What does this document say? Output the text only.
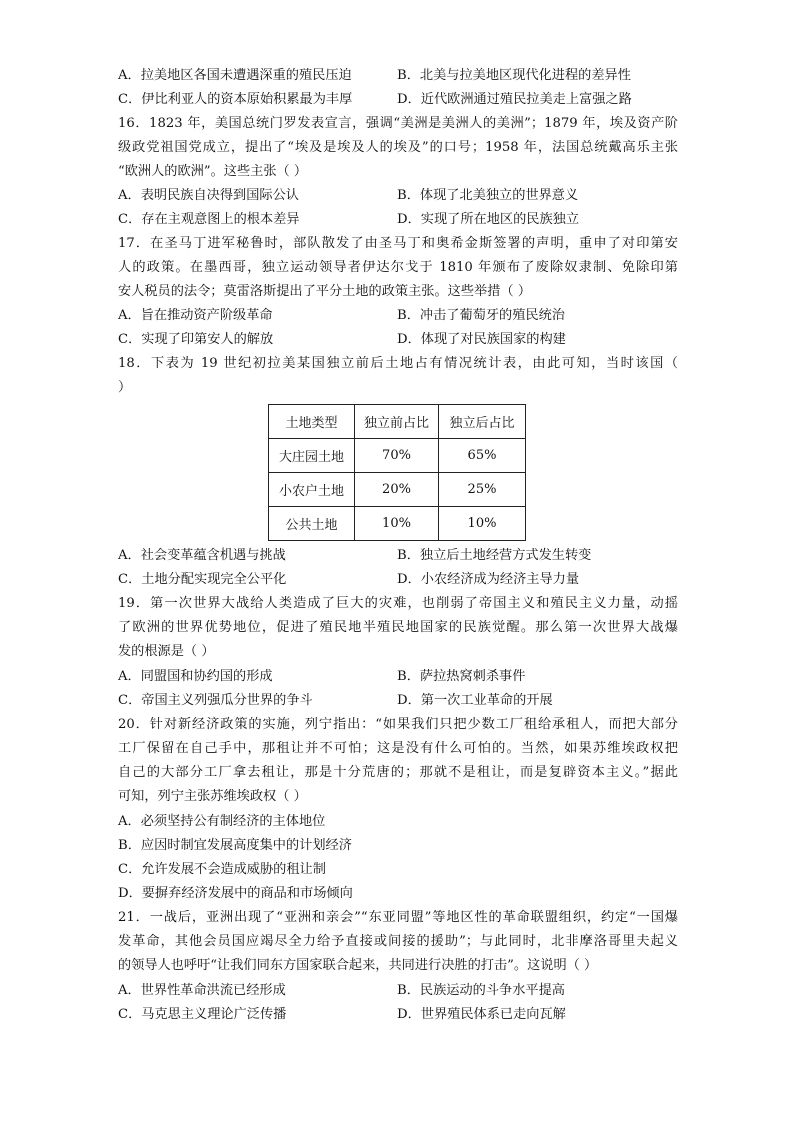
A．拉美地区各国未遭遇深重的殖民压迫	B．北美与拉美地区现代化进程的差异性
C．伊比利亚人的资本原始积累最为丰厚	D．近代欧洲通过殖民拉美走上富强之路
16．1823 年，美国总统门罗发表宣言，强调“美洲是美洲人的美洲”；1879 年，埃及资产阶
级政党祖国党成立，提出了“埃及是埃及人的埃及”的口号；1958 年，法国总统戴高乐主张
“欧洲人的欧洲”。这些主张（ ）
A．表明民族自决得到国际公认	B．体现了北美独立的世界意义
C．存在主观意图上的根本差异	D．实现了所在地区的民族独立
17．在圣马丁进军秘鲁时，部队散发了由圣马丁和奥希金斯签署的声明，重申了对印第安
人的政策。在墨西哥，独立运动领导者伊达尔戈于 1810 年颁布了废除奴隶制、免除印第
安人税员的法令；莫雷洛斯提出了平分土地的政策主张。这些举措（ ）
A．旨在推动资产阶级革命	B．冲击了葡萄牙的殖民统治
C．实现了印第安人的解放	D．体现了对民族国家的构建
18．下表为 19 世纪初拉美某国独立前后土地占有情况统计表，由此可知，当时该国（
）
土地类型	独立前占比	独立后占比
大庄园土地	70%	65%
小农户土地	20%	25%
公共土地	10%	10%
A．社会变革蕴含机遇与挑战	B．独立后土地经营方式发生转变
C．土地分配实现完全公平化	D．小农经济成为经济主导力量
19．第一次世界大战给人类造成了巨大的灾难，也削弱了帝国主义和殖民主义力量，动摇
了欧洲的世界优势地位，促进了殖民地半殖民地国家的民族觉醒。那么第一次世界大战爆
发的根源是（ ）
A．同盟国和协约国的形成	B．萨拉热窝刺杀事件
C．帝国主义列强瓜分世界的争斗	D．第一次工业革命的开展
20．针对新经济政策的实施，列宁指出：“如果我们只把少数工厂租给承租人，而把大部分
工厂保留在自己手中，那租让并不可怕；这是没有什么可怕的。当然，如果苏维埃政权把
自己的大部分工厂拿去租让，那是十分荒唐的；那就不是租让，而是复辟资本主义。”据此
可知，列宁主张苏维埃政权（ ）
A．必须坚持公有制经济的主体地位
B．应因时制宜发展高度集中的计划经济
C．允许发展不会造成威胁的租让制
D．要摒弃经济发展中的商品和市场倾向
21．一战后，亚洲出现了“亚洲和亲会”“东亚同盟”等地区性的革命联盟组织，约定“一国爆
发革命，其他会员国应竭尽全力给予直接或间接的援助”；与此同时，北非摩洛哥里夫起义
的领导人也呼吁“让我们同东方国家联合起来，共同进行决胜的打击”。这说明（ ）
A．世界性革命洪流已经形成	B．民族运动的斗争水平提高
C．马克思主义理论广泛传播	D．世界殖民体系已走向瓦解
